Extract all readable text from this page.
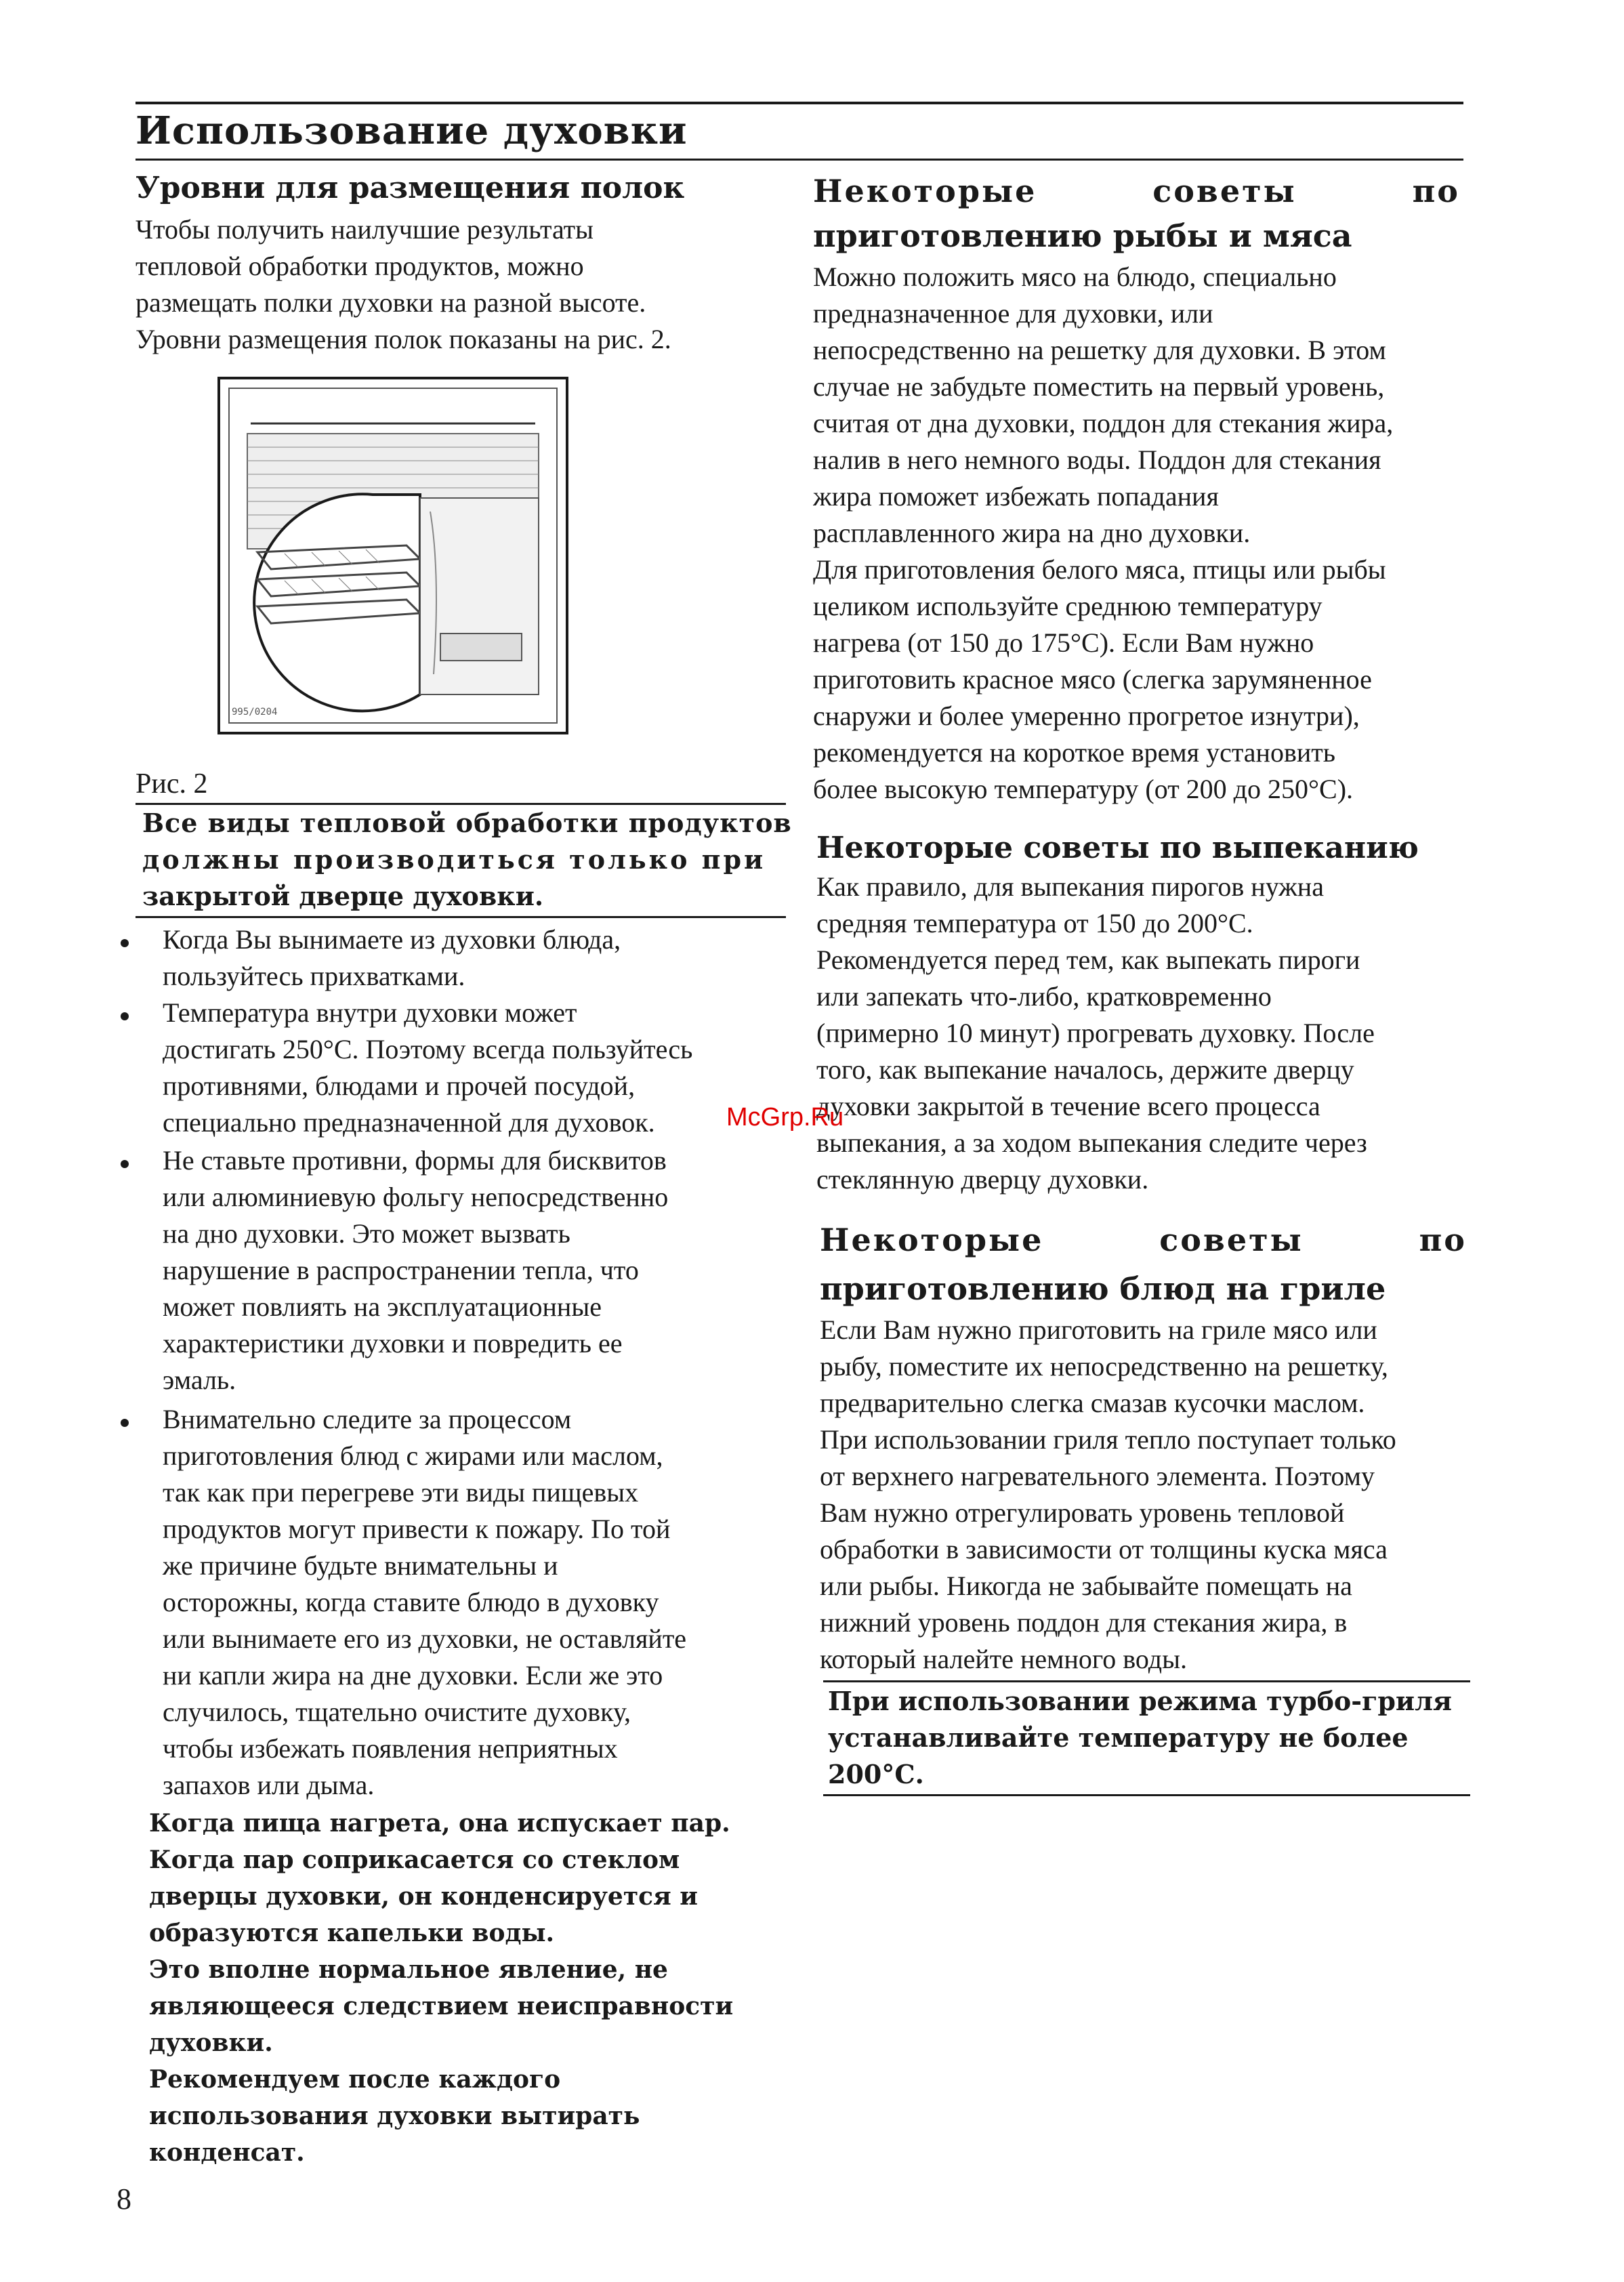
Использование духовки
Уровни для размещения полок
Чтобы получить наилучшие результаты
тепловой обработки продуктов, можно
размещать полки духовки на разной высоте.
Уровни размещения полок показаны на рис. 2.
995/0204
Рис. 2
Все виды тепловой обработки продуктов
должны производиться только при
закрытой дверце духовки.
Когда Вы вынимаете из духовки блюда,
пользуйтесь прихватками.
Температура внутри духовки может
достигать 250°С. Поэтому всегда пользуйтесь
противнями, блюдами и прочей посудой,
специально предназначенной для духовок.
Не ставьте противни, формы для бисквитов
или алюминиевую фольгу непосредственно
на дно духовки. Это может вызвать
нарушение в распространении тепла, что
может повлиять на эксплуатационные
характеристики духовки и повредить ее
эмаль.
Внимательно следите за процессом
приготовления блюд с жирами или маслом,
так как при перегреве эти виды пищевых
продуктов могут привести к пожару. По той
же причине будьте внимательны и
осторожны, когда ставите блюдо в духовку
или вынимаете его из духовки, не оставляйте
ни капли жира на дне духовки. Если же это
случилось, тщательно очистите духовку,
чтобы избежать появления неприятных
запахов или дыма.
Когда пища нагрета, она испускает пар.
Когда пар соприкасается со стеклом
дверцы духовки, он конденсируется и
образуются капельки воды.
Это вполне нормальное явление, не
являющееся следствием неисправности
духовки.
Рекомендуем после каждого
использования духовки вытирать
конденсат.
8
Некоторые	советы	по
приготовлению рыбы и мяса
Можно положить мясо на блюдо, специально
предназначенное для духовки, или
непосредственно на решетку для духовки. В этом
случае не забудьте поместить на первый уровень,
считая от дна духовки, поддон для стекания жира,
налив в него немного воды. Поддон для стекания
жира поможет избежать попадания
расплавленного жира на дно духовки.
Для приготовления белого мяса, птицы или рыбы
целиком используйте среднюю температуру
нагрева (от 150 до 175°С). Если Вам нужно
приготовить красное мясо (слегка зарумяненное
снаружи и более умеренно прогретое изнутри),
рекомендуется на короткое время установить
более высокую температуру (от 200 до 250°С).
Некоторые советы по выпеканию
Как правило, для выпекания пирогов нужна
средняя температура от 150 до 200°С.
Рекомендуется перед тем, как выпекать пироги
или запекать что-либо, кратковременно
(примерно 10 минут) прогревать духовку. После
того, как выпекание началось, держите дверцу
духовки закрытой в течение всего процесса
выпекания, а за ходом выпекания следите через
стеклянную дверцу духовки.
Некоторые	советы	по
приготовлению блюд на гриле
Если Вам нужно приготовить на гриле мясо или
рыбу, поместите их непосредственно на решетку,
предварительно слегка смазав кусочки маслом.
При использовании гриля тепло поступает только
от верхнего нагревательного элемента. Поэтому
Вам нужно отрегулировать уровень тепловой
обработки в зависимости от толщины куска мяса
или рыбы. Никогда не забывайте помещать на
нижний уровень поддон для стекания жира, в
который налейте немного воды.
При использовании режима турбо-гриля
устанавливайте температуру не более
200°С.
McGrp.Ru
